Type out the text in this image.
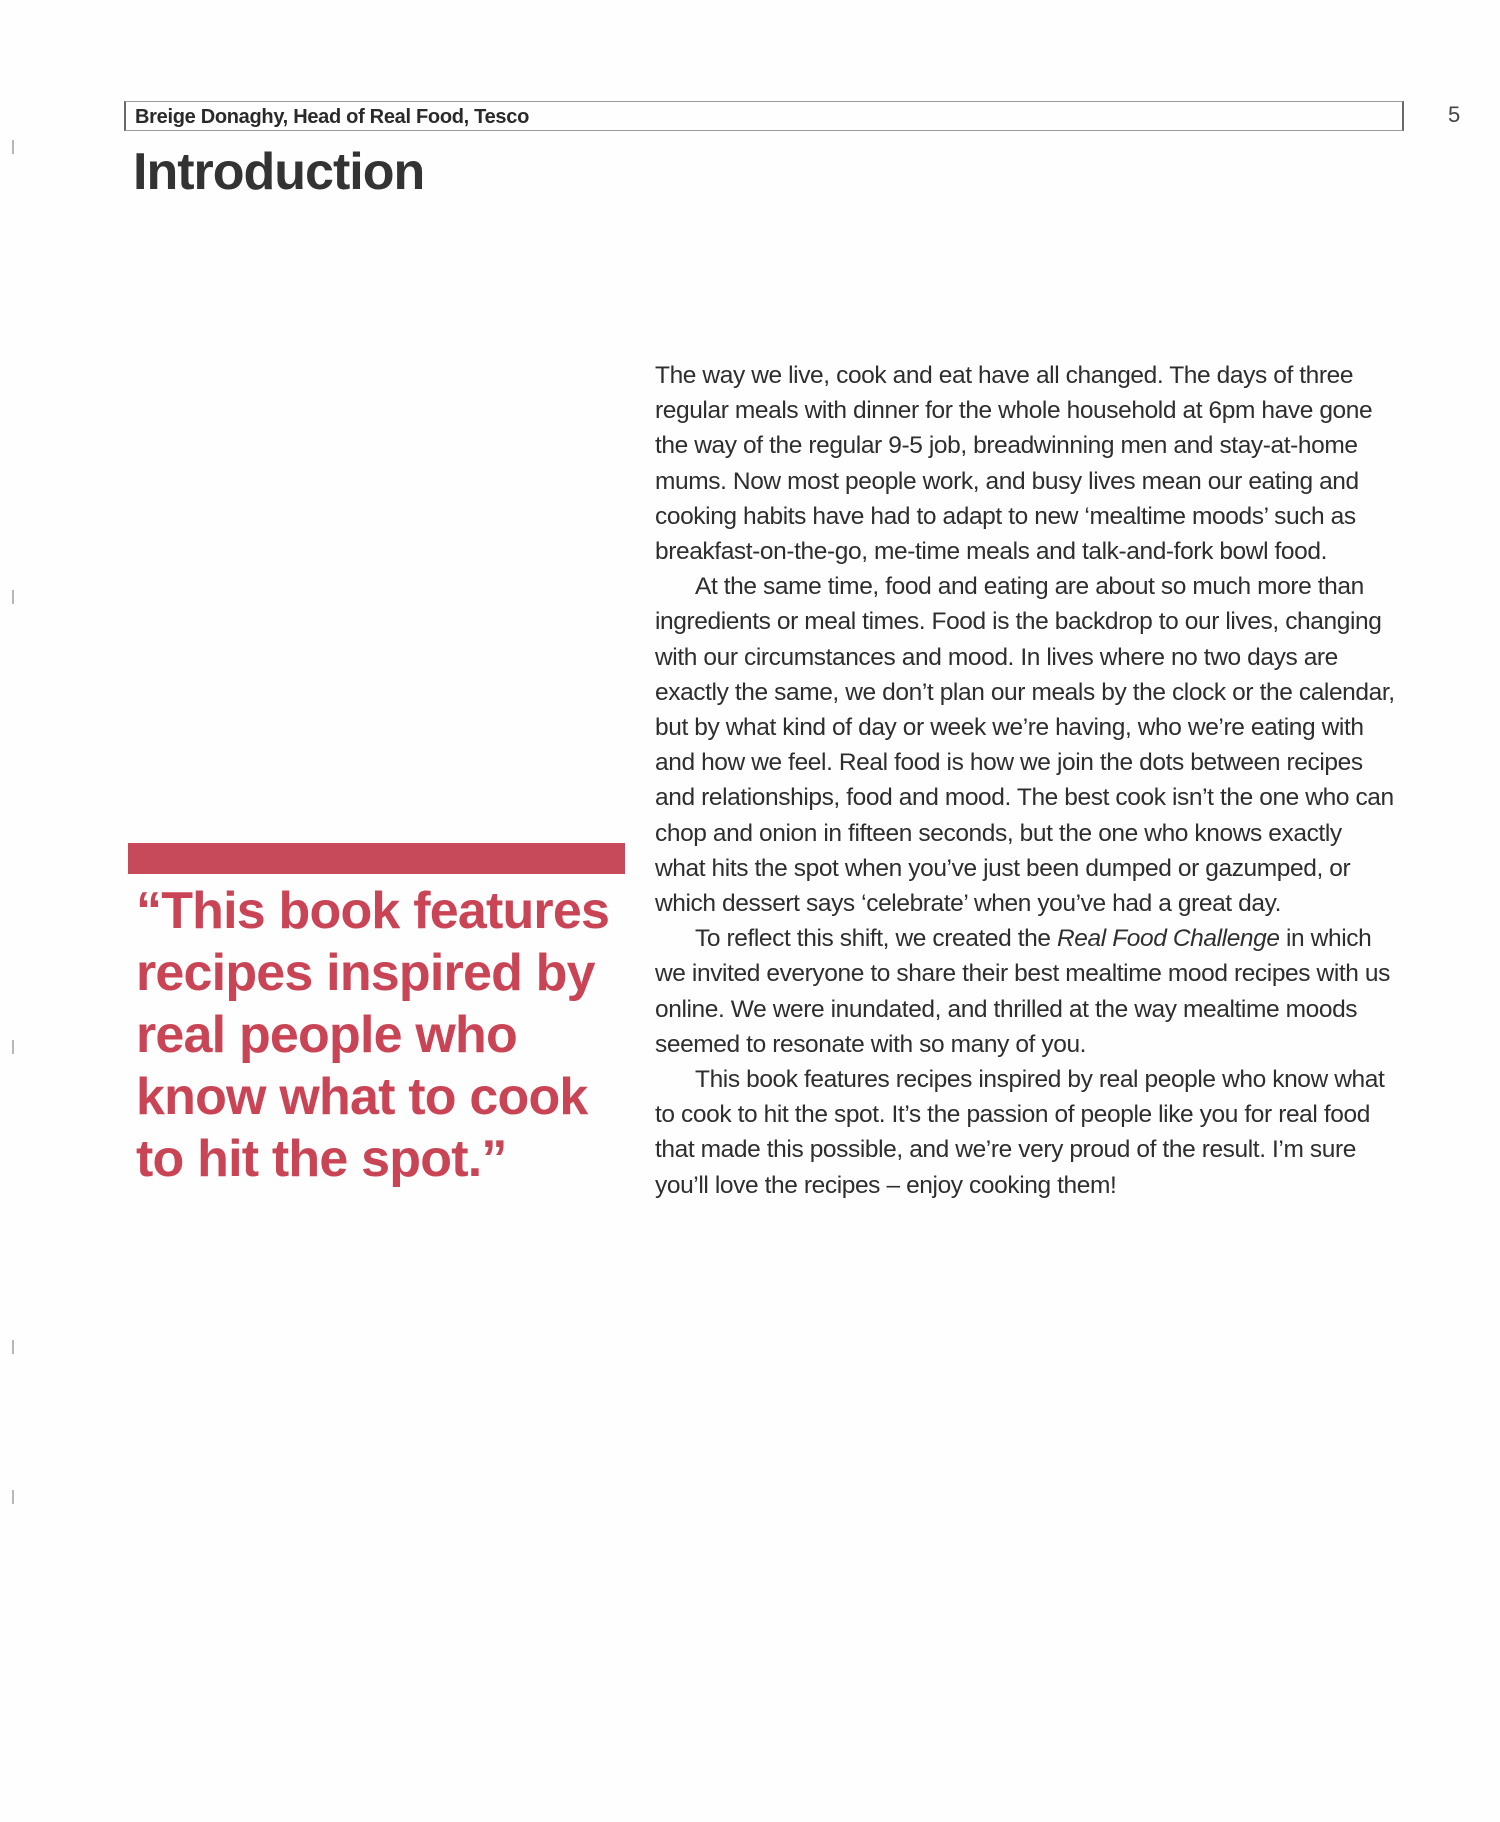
Breige Donaghy, Head of Real Food, Tesco	5
Introduction

“This book features recipes inspired by real people who know what to cook to hit the spot.”

The way we live, cook and eat have all changed. The days of three regular meals with dinner for the whole household at 6pm have gone the way of the regular 9-5 job, breadwinning men and stay-at-home mums. Now most people work, and busy lives mean our eating and cooking habits have had to adapt to new ‘mealtime moods’ such as breakfast-on-the-go, me-time meals and talk-and-fork bowl food.

At the same time, food and eating are about so much more than ingredients or meal times. Food is the backdrop to our lives, changing with our circumstances and mood. In lives where no two days are exactly the same, we don’t plan our meals by the clock or the calendar, but by what kind of day or week we’re having, who we’re eating with and how we feel. Real food is how we join the dots between recipes and relationships, food and mood. The best cook isn’t the one who can chop and onion in fifteen seconds, but the one who knows exactly what hits the spot when you’ve just been dumped or gazumped, or which dessert says ‘celebrate’ when you’ve had a great day.

To reflect this shift, we created the Real Food Challenge in which we invited everyone to share their best mealtime mood recipes with us online. We were inundated, and thrilled at the way mealtime moods seemed to resonate with so many of you.

This book features recipes inspired by real people who know what to cook to hit the spot. It’s the passion of people like you for real food that made this possible, and we’re very proud of the result. I’m sure you’ll love the recipes – enjoy cooking them!
